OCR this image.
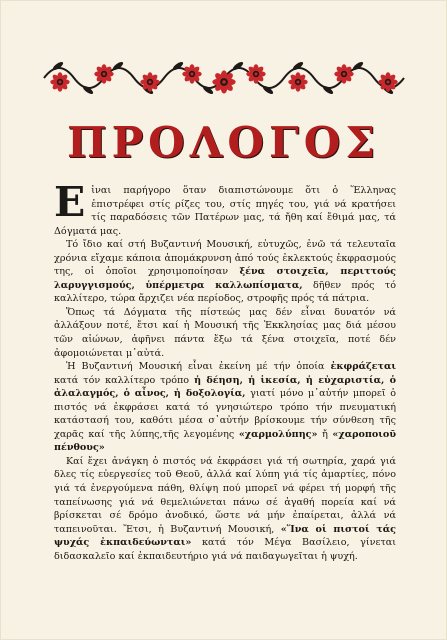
ΠΡΟΛΟΓΟΣ

Εἰναι παρήγορο ὅταν διαπιστώνουμε ὅτι ὁ Ἕλληνας ἐπιστρέφει στίς ρίζες του, στίς πηγές του, γιά νά κρατήσει τίς παραδόσεις τῶν Πατέρων μας, τά ἤθη καί ἔθιμά μας, τά Δόγματά μας.

Τό ἴδιο καί στή Βυζαντινή Μουσική, εὐτυχῶς, ἐνῶ τά τελευταῖα χρόνια εἴχαμε κάποια ἀπομάκρυνση ἀπό τούς ἐκλεκτούς ἐκφρασμούς της, οἱ ὁποῖοι χρησιμοποίησαν ξένα στοιχεῖα, περιττούς λαρυγγισμούς, ὑπέρμετρα καλλωπίσματα, δῆθεν πρός τό καλλίτερο, τώρα ἄρχιζει νέα περίοδος, στροφῆς πρός τά πάτρια.

Ὅπως τά Δόγματα τῆς πίστεώς μας δέν εἶναι δυνατόν νά ἀλλάξουν ποτέ, ἔτσι καί ἡ Μουσική τῆς Ἐκκλησίας μας διά μέσου τῶν αἰώνων, ἀφῆνει πάντα ἔξω τά ξένα στοιχεῖα, ποτέ δέν ἀφομοιώνεται μ᾽αὐτά.

Ἡ Βυζαντινή Μουσική εἶναι ἐκείνη μέ τήν ὁποία ἐκφράζεται κατά τόν καλλίτερο τρόπο ἡ δέηση, ἡ ἱκεσία, ἡ εὐχαριστία, ὁ ἀλαλαγμός, ὁ αἶνος, ἡ δοξολογία, γιατί μόνο μ᾽αὐτήν μπορεῖ ὁ πιστός νά ἐκφράσει κατά τό γνησιώτερο τρόπο τήν πνευματική κατάστασή του, καθότι μέσα σ᾽αὐτήν βρίσκουμε τήν σύνθεση τῆς χαρᾶς καί τῆς λύπης,τῆς λεγομένης «χαρμολύπης» ἤ «χαροποιοῦ πένθους»

Καί ἔχει ἀνάγκη ὁ πιστός νά ἐκφράσει γιά τή σωτηρία, χαρά γιά δλες τίς εὐεργεσίες τοῦ Θεοῦ, ἀλλά καί λύπη γιά τίς ἁμαρτίες, πόνο γιά τά ἐνεργούμενα πάθη, θλίψη πού μπορεῖ νά φέρει τή μορφή τῆς ταπείνωσης γιά νά θεμελιώνεται πάνω σέ ἀγαθή πορεία καί νά βρίσκεται σέ δρόμο ἀνοδικό, ὥστε νά μήν ἐπαίρεται, ἀλλά νά ταπεινοῦται. Ἔτσι, ἡ Βυζαντινή Μουσική, «Ἵνα οἱ πιστοί τάς ψυχάς ἐκπαιδεύωνται» κατά τόν Μέγα Βασίλειο, γίνεται διδασκαλεῖο καί ἐκπαιδευτήριο γιά νά παιδαγωγεῖται ἡ ψυχή.
